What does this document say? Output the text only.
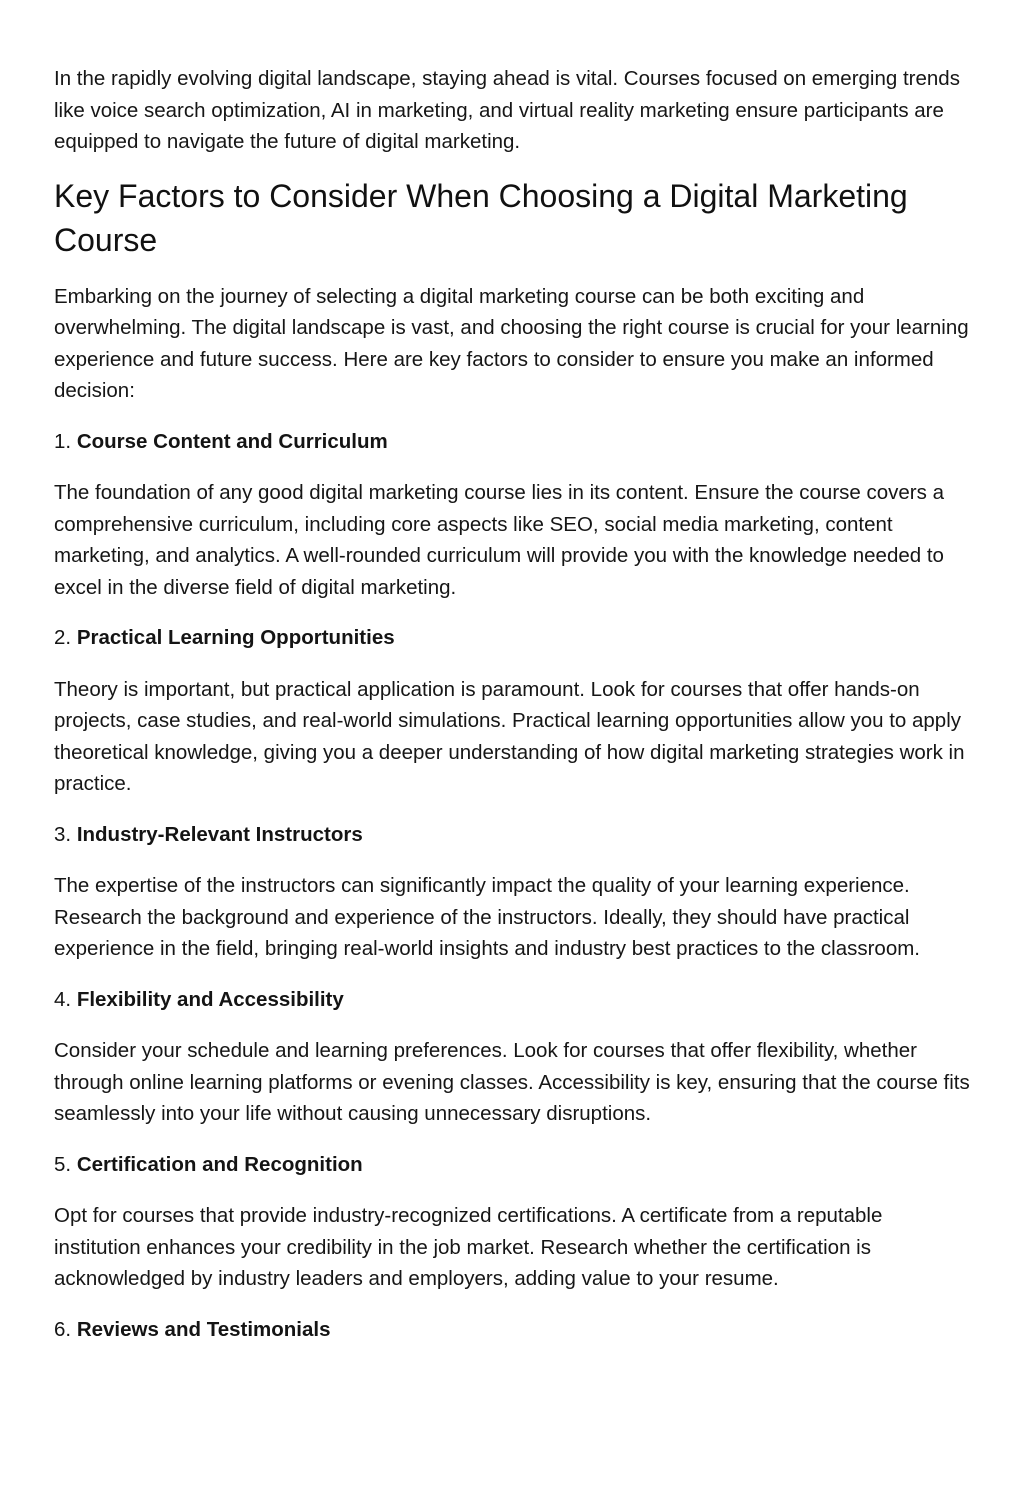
In the rapidly evolving digital landscape, staying ahead is vital. Courses focused on emerging trends like voice search optimization, AI in marketing, and virtual reality marketing ensure participants are equipped to navigate the future of digital marketing.

Key Factors to Consider When Choosing a Digital Marketing Course

Embarking on the journey of selecting a digital marketing course can be both exciting and overwhelming. The digital landscape is vast, and choosing the right course is crucial for your learning experience and future success. Here are key factors to consider to ensure you make an informed decision:

1. Course Content and Curriculum

The foundation of any good digital marketing course lies in its content. Ensure the course covers a comprehensive curriculum, including core aspects like SEO, social media marketing, content marketing, and analytics. A well-rounded curriculum will provide you with the knowledge needed to excel in the diverse field of digital marketing.

2. Practical Learning Opportunities

Theory is important, but practical application is paramount. Look for courses that offer hands-on projects, case studies, and real-world simulations. Practical learning opportunities allow you to apply theoretical knowledge, giving you a deeper understanding of how digital marketing strategies work in practice.

3. Industry-Relevant Instructors

The expertise of the instructors can significantly impact the quality of your learning experience. Research the background and experience of the instructors. Ideally, they should have practical experience in the field, bringing real-world insights and industry best practices to the classroom.

4. Flexibility and Accessibility

Consider your schedule and learning preferences. Look for courses that offer flexibility, whether through online learning platforms or evening classes. Accessibility is key, ensuring that the course fits seamlessly into your life without causing unnecessary disruptions.

5. Certification and Recognition

Opt for courses that provide industry-recognized certifications. A certificate from a reputable institution enhances your credibility in the job market. Research whether the certification is acknowledged by industry leaders and employers, adding value to your resume.

6. Reviews and Testimonials
